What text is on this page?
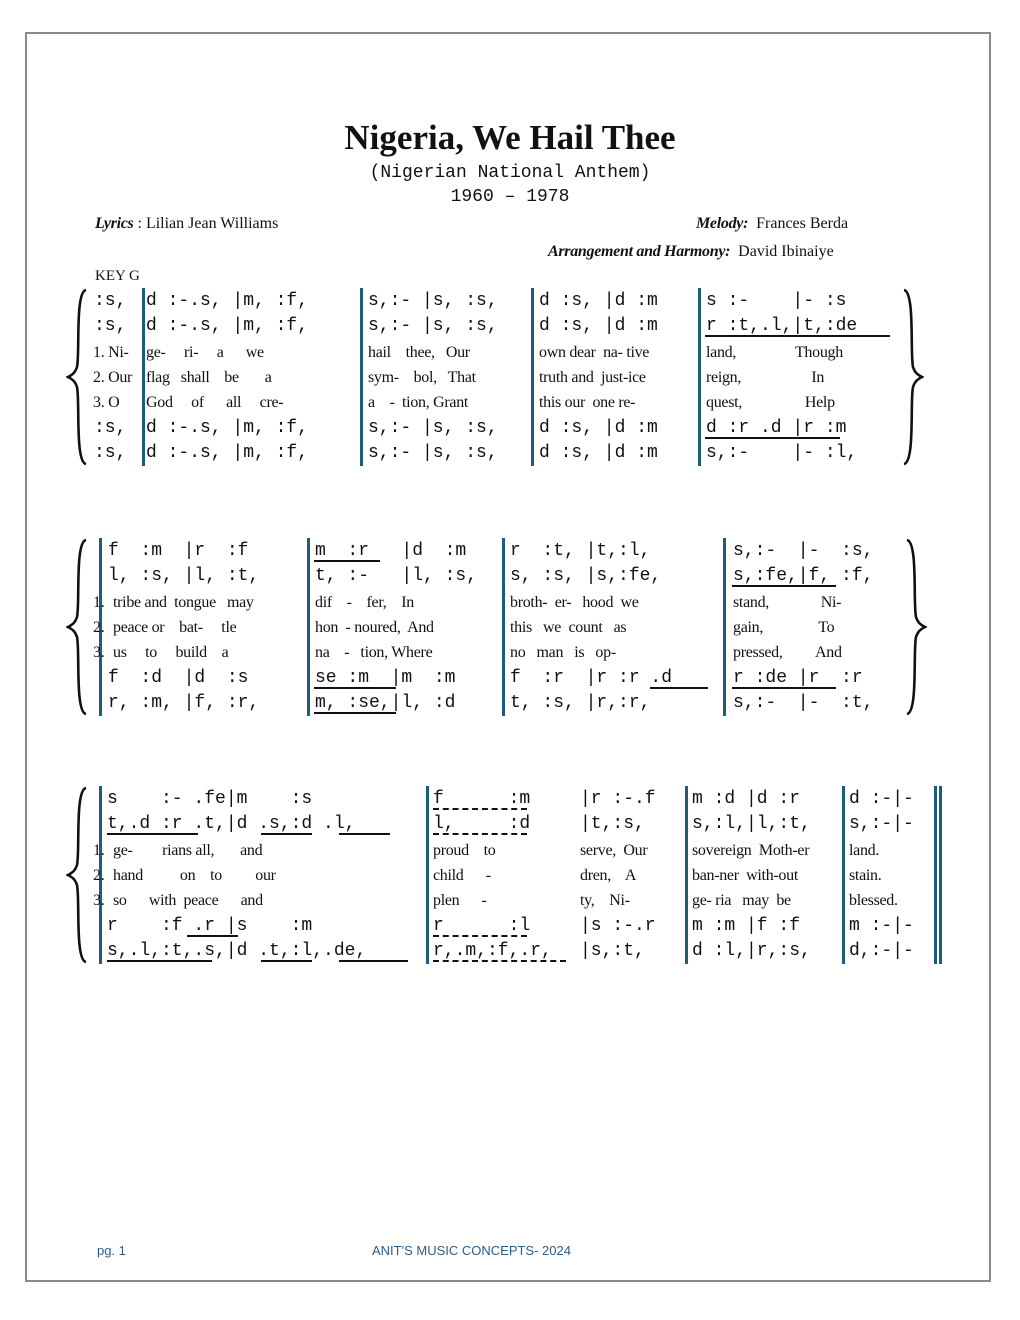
Nigeria, We Hail Thee
(Nigerian National Anthem)
1960 – 1978
Lyrics : Lilian Jean Williams	Melody: Frances Berda
Arrangement and Harmony: David Ibinaiye
KEY G
1. Ni-
2. Our
3. O
:s,
:s,
:s,
:s,
d :-.s, |m, :f,
d :-.s, |m, :f,
ge-     ri-     a      we
flag   shall    be       a
God     of      all     cre-
d :-.s, |m, :f,
d :-.s, |m, :f,
s,:- |s, :s,
s,:- |s, :s,
hail    thee,   Our
sym-    bol,   That
a    -  tion, Grant
s,:- |s, :s,
s,:- |s, :s,
d :s, |d :m
d :s, |d :m
own dear  na- tive
truth and  just-ice
this our  one re-
d :s, |d :m
d :s, |d :m
s :-    |- :s
r :t,.l,|t,:de
land,                Though
reign,                   In
quest,                 Help
d :r .d |r :m
s,:-    |- :l,
1.
2.
3.
f  :m  |r  :f
l, :s, |l, :t,
tribe and  tongue   may
peace or    bat-     tle
us     to     build    a
f  :d  |d  :s
r, :m, |f, :r,
m  :r   |d  :m
t, :-   |l, :s,
dif    -    fer,    In
hon  - noured,  And
na    -   tion, Where
se :m  |m  :m
m, :se,|l, :d
r  :t, |t,:l,
s, :s, |s,:fe,
broth-  er-   hood  we
this   we  count   as
no   man   is   op-
f  :r  |r :r .d
t, :s, |r,:r,
s,:-  |-  :s,
s,:fe,|f, :f,
stand,              Ni-
gain,               To
pressed,         And
r :de |r  :r
s,:-  |-  :t,
1.
2.
3.
s    :- .fe|m    :s
t,.d :r .t,|d .s,:d .l,
ge-        rians all,       and
hand          on    to         our
so      with  peace      and
r    :f .r |s    :m
s,.l,:t,.s,|d .t,:l,.de,
f      :m
l,     :d
proud    to
child      -
plen      -
r      :l
r,.m,:f,.r,
|r :-.f
|t,:s,
serve,  Our
dren,    A
ty,    Ni-
|s :-.r
|s,:t,
m :d |d :r
s,:l,|l,:t,
sovereign  Moth-er
ban-ner  with-out
ge- ria   may  be
m :m |f :f
d :l,|r,:s,
d :-|-
s,:-|-
land.
stain.
blessed.
m :-|-
d,:-|-
pg. 1	ANIT'S MUSIC CONCEPTS- 2024
